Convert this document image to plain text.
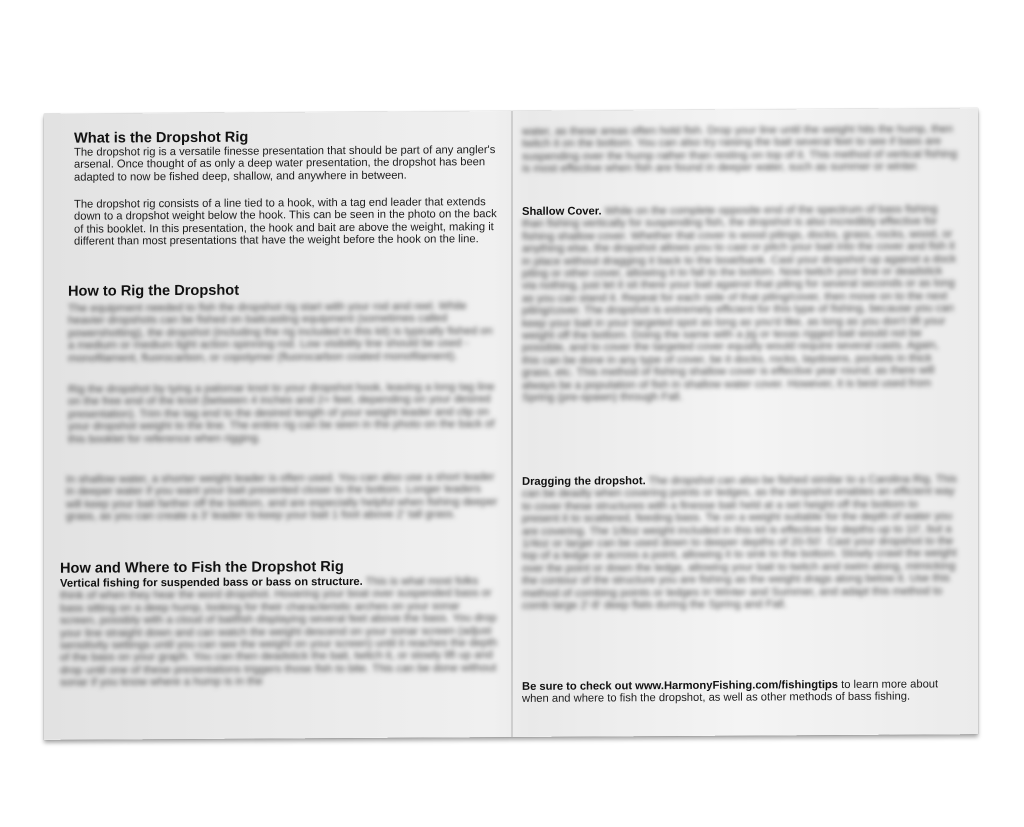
What is the Dropshot Rig
The dropshot rig is a versatile finesse presentation that should be part of any angler's arsenal. Once thought of as only a deep water presentation, the dropshot has been adapted to now be fished deep, shallow, and anywhere in between.
The dropshot rig consists of a line tied to a hook, with a tag end leader that extends down to a dropshot weight below the hook. This can be seen in the photo on the back of this booklet. In this presentation, the hook and bait are above the weight, making it different than most presentations that have the weight before the hook on the line.
How to Rig the Dropshot
The equipment needed to fish the dropshot rig start with your rod and reel. While heavier dropshots can be fished on baitcasting equipment (sometimes called powershotting), the dropshot (including the rig included in this kit) is typically fished on a medium or medium light action spinning rod. Low visibility line should be used - monofilament, fluorocarbon, or copolymer (fluorocarbon coated monofilament).
Rig the dropshot by tying a palomar knot to your dropshot hook, leaving a long tag line on the free end of the knot (between 4 inches and 2+ feet, depending on your desired presentation). Trim the tag end to the desired length of your weight leader and clip on your dropshot weight to the line. The entire rig can be seen in the photo on the back of this booklet for reference when rigging.
In shallow water, a shorter weight leader is often used. You can also use a short leader in deeper water if you want your bait presented closer to the bottom. Longer leaders will keep your bait farther off the bottom, and are especially helpful when fishing deeper grass, as you can create a 3' leader to keep your bait 1 foot above 2' tall grass.
How and Where to Fish the Dropshot Rig
Vertical fishing for suspended bass or bass on structure. This is what most folks think of when they hear the word dropshot. Hovering your boat over suspended bass or bass sitting on a deep hump, looking for their characteristic arches on your sonar screen, possibly with a cloud of baitfish displaying several feet above the bass. You drop your line straight down and can watch the weight descend on your sonar screen (adjust sensitivity settings until you can see the weight on your screen) until it reaches the depth of the bass on your graph. You can then deadstick the bait, twitch it, or slowly lift up and drop until one of these presentations triggers those fish to bite. This can be done without sonar if you know where a hump is in the
water, as these areas often hold fish. Drop your line until the weight hits the hump, then twitch it on the bottom. You can also try raising the bait several feet to see if bass are suspending over the hump rather than resting on top of it. This method of vertical fishing is most effective when fish are found in deeper water, such as summer or winter.
Shallow Cover. While on the complete opposite end of the spectrum of bass fishing than fishing vertically for suspending fish, the dropshot is also incredibly effective for fishing shallow cover. Whether that cover is wood pilings, docks, grass, rocks, wood, or anything else, the dropshot allows you to cast or pitch your bait into the cover and fish it in place without dragging it back to the boat/bank. Cast your dropshot up against a dock piling or other cover, allowing it to fall to the bottom. Now twitch your line or deadstick via nothing, just let it sit there your bait against that piling for several seconds or as long as you can stand it. Repeat for each side of that piling/cover, then move on to the next piling/cover. The dropshot is extremely efficient for this type of fishing, because you can keep your bait in your targeted spot as long as you'd like, as long as you don't lift your weight off the bottom. Doing the same with a jig or texas rigged bait would not be possible, and to cover the targeted cover equally would require several casts. Again, this can be done in any type of cover, be it docks, rocks, laydowns, pockets in thick grass, etc. This method of fishing shallow cover is effective year round, as there will always be a population of fish in shallow water cover. However, it is best used from Spring (pre-spawn) through Fall.
Dragging the dropshot. The dropshot can also be fished similar to a Carolina Rig. This can be deadly when covering points or ledges, as the dropshot enables an efficient way to cover these structures with a finesse bait held at a set height off the bottom to present it to scattered, feeding bass. Tie on a weight suitable for the depth of water you are covering. The 1/8oz weight included in this kit is effective for depths up to 10', but a 1/4oz or larger can be used down to deeper depths of 20-50'. Cast your dropshot to the top of a ledge or across a point, allowing it to sink to the bottom. Slowly crawl the weight over the point or down the ledge, allowing your bait to twitch and swim along, mimicking the contour of the structure you are fishing as the weight drags along below it. Use this method of combing points or ledges in Winter and Summer, and adapt this method to comb large 2'-8' deep flats during the Spring and Fall.
Be sure to check out www.HarmonyFishing.com/fishingtips to learn more about when and where to fish the dropshot, as well as other methods of bass fishing.
